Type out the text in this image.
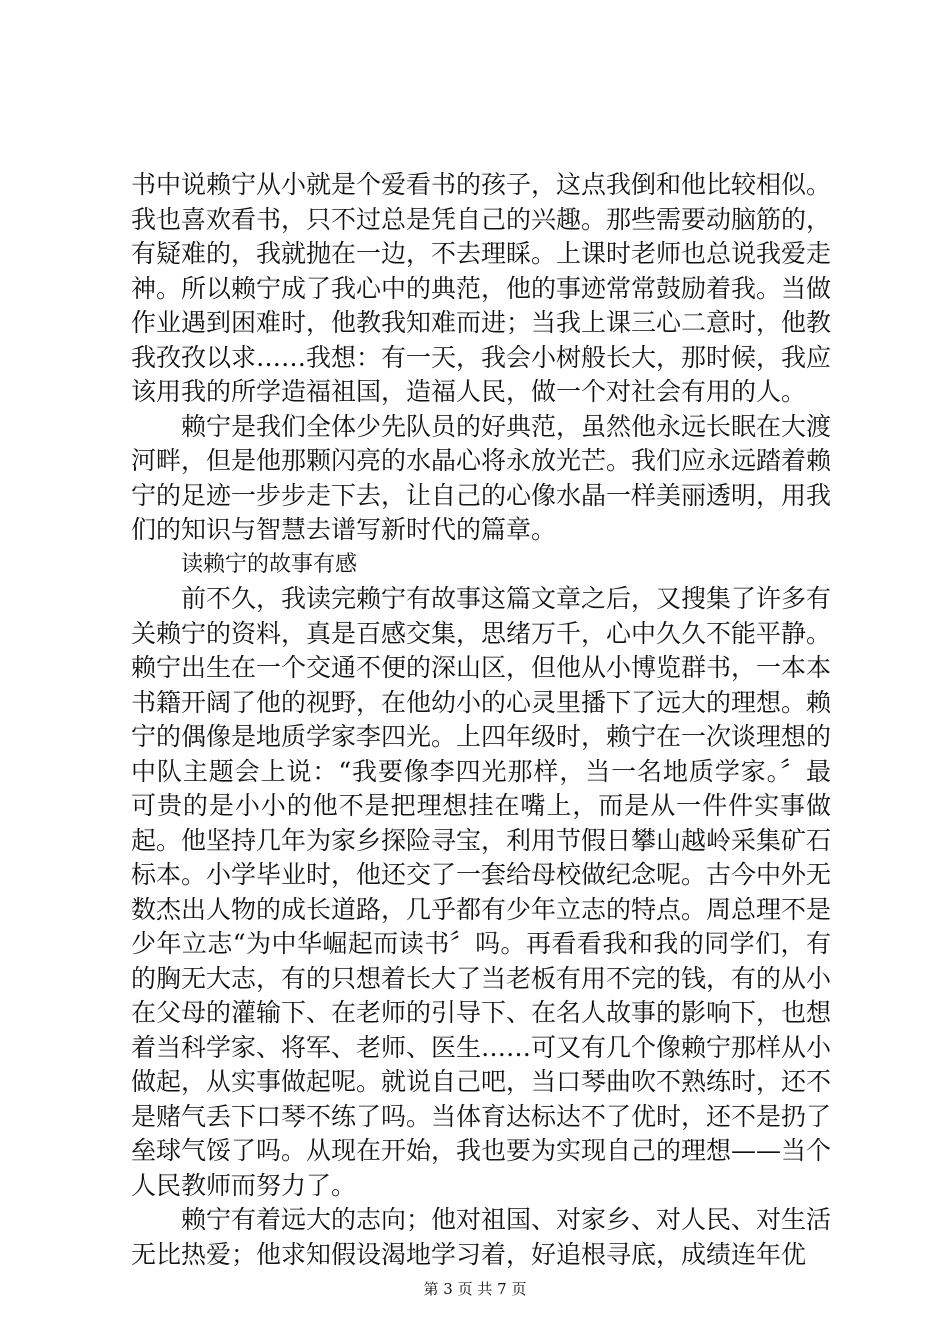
书中说赖宁从小就是个爱看书的孩子，这点我倒和他比较相似。我也喜欢看书，只不过总是凭自己的兴趣。那些需要动脑筋的，有疑难的，我就抛在一边，不去理睬。上课时老师也总说我爱走神。所以赖宁成了我心中的典范，他的事迹常常鼓励着我。当做作业遇到困难时，他教我知难而进；当我上课三心二意时，他教我孜孜以求……我想：有一天，我会小树般长大，那时候，我应该用我的所学造福祖国，造福人民，做一个对社会有用的人。

赖宁是我们全体少先队员的好典范，虽然他永远长眠在大渡河畔，但是他那颗闪亮的水晶心将永放光芒。我们应永远踏着赖宁的足迹一步步走下去，让自己的心像水晶一样美丽透明，用我们的知识与智慧去谱写新时代的篇章。

读赖宁的故事有感

前不久，我读完赖宁有故事这篇文章之后，又搜集了许多有关赖宁的资料，真是百感交集，思绪万千，心中久久不能平静。赖宁出生在一个交通不便的深山区，但他从小博览群书，一本本书籍开阔了他的视野，在他幼小的心灵里播下了远大的理想。赖宁的偶像是地质学家李四光。上四年级时，赖宁在一次谈理想的中队主题会上说：“我要像李四光那样，当一名地质学家。〞最可贵的是小小的他不是把理想挂在嘴上，而是从一件件实事做起。他坚持几年为家乡探险寻宝，利用节假日攀山越岭采集矿石标本。小学毕业时，他还交了一套给母校做纪念呢。古今中外无数杰出人物的成长道路，几乎都有少年立志的特点。周总理不是少年立志“为中华崛起而读书〞吗。再看看我和我的同学们，有的胸无大志，有的只想着长大了当老板有用不完的钱，有的从小在父母的灌输下、在老师的引导下、在名人故事的影响下，也想着当科学家、将军、老师、医生……可又有几个像赖宁那样从小做起，从实事做起呢。就说自己吧，当口琴曲吹不熟练时，还不是赌气丢下口琴不练了吗。当体育达标达不了优时，还不是扔了垒球气馁了吗。从现在开始，我也要为实现自己的理想——当个人民教师而努力了。

赖宁有着远大的志向；他对祖国、对家乡、对人民、对生活无比热爱；他求知假设渴地学习着，好追根寻底，成绩连年优

第 3 页 共 7 页
